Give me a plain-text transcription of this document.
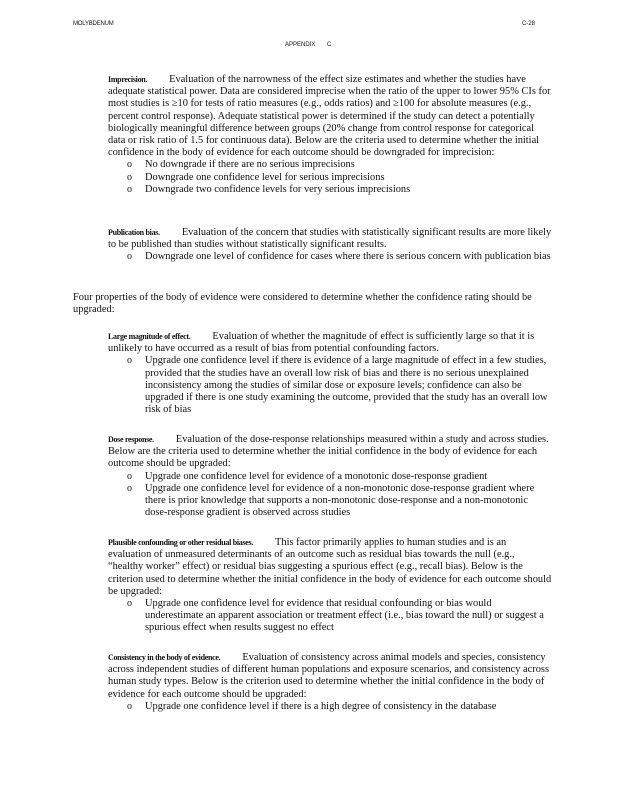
MOLYBDENUM	C-28
APPENDIX C
Imprecision. Evaluation of the narrowness of the effect size estimates and whether the studies have adequate statistical power. Data are considered imprecise when the ratio of the upper to lower 95% CIs for most studies is ≥10 for tests of ratio measures (e.g., odds ratios) and ≥100 for absolute measures (e.g., percent control response). Adequate statistical power is determined if the study can detect a potentially biologically meaningful difference between groups (20% change from control response for categorical data or risk ratio of 1.5 for continuous data). Below are the criteria used to determine whether the initial confidence in the body of evidence for each outcome should be downgraded for imprecision:
o No downgrade if there are no serious imprecisions
o Downgrade one confidence level for serious imprecisions
o Downgrade two confidence levels for very serious imprecisions
Publication bias. Evaluation of the concern that studies with statistically significant results are more likely to be published than studies without statistically significant results.
o Downgrade one level of confidence for cases where there is serious concern with publication bias
Four properties of the body of evidence were considered to determine whether the confidence rating should be upgraded:
Large magnitude of effect. Evaluation of whether the magnitude of effect is sufficiently large so that it is unlikely to have occurred as a result of bias from potential confounding factors.
o Upgrade one confidence level if there is evidence of a large magnitude of effect in a few studies, provided that the studies have an overall low risk of bias and there is no serious unexplained inconsistency among the studies of similar dose or exposure levels; confidence can also be upgraded if there is one study examining the outcome, provided that the study has an overall low risk of bias
Dose response. Evaluation of the dose-response relationships measured within a study and across studies. Below are the criteria used to determine whether the initial confidence in the body of evidence for each outcome should be upgraded:
o Upgrade one confidence level for evidence of a monotonic dose-response gradient
o Upgrade one confidence level for evidence of a non-monotonic dose-response gradient where there is prior knowledge that supports a non-monotonic dose-response and a non-monotonic dose-response gradient is observed across studies
Plausible confounding or other residual biases. This factor primarily applies to human studies and is an evaluation of unmeasured determinants of an outcome such as residual bias towards the null (e.g., “healthy worker” effect) or residual bias suggesting a spurious effect (e.g., recall bias). Below is the criterion used to determine whether the initial confidence in the body of evidence for each outcome should be upgraded:
o Upgrade one confidence level for evidence that residual confounding or bias would underestimate an apparent association or treatment effect (i.e., bias toward the null) or suggest a spurious effect when results suggest no effect
Consistency in the body of evidence. Evaluation of consistency across animal models and species, consistency across independent studies of different human populations and exposure scenarios, and consistency across human study types. Below is the criterion used to determine whether the initial confidence in the body of evidence for each outcome should be upgraded:
o Upgrade one confidence level if there is a high degree of consistency in the database
